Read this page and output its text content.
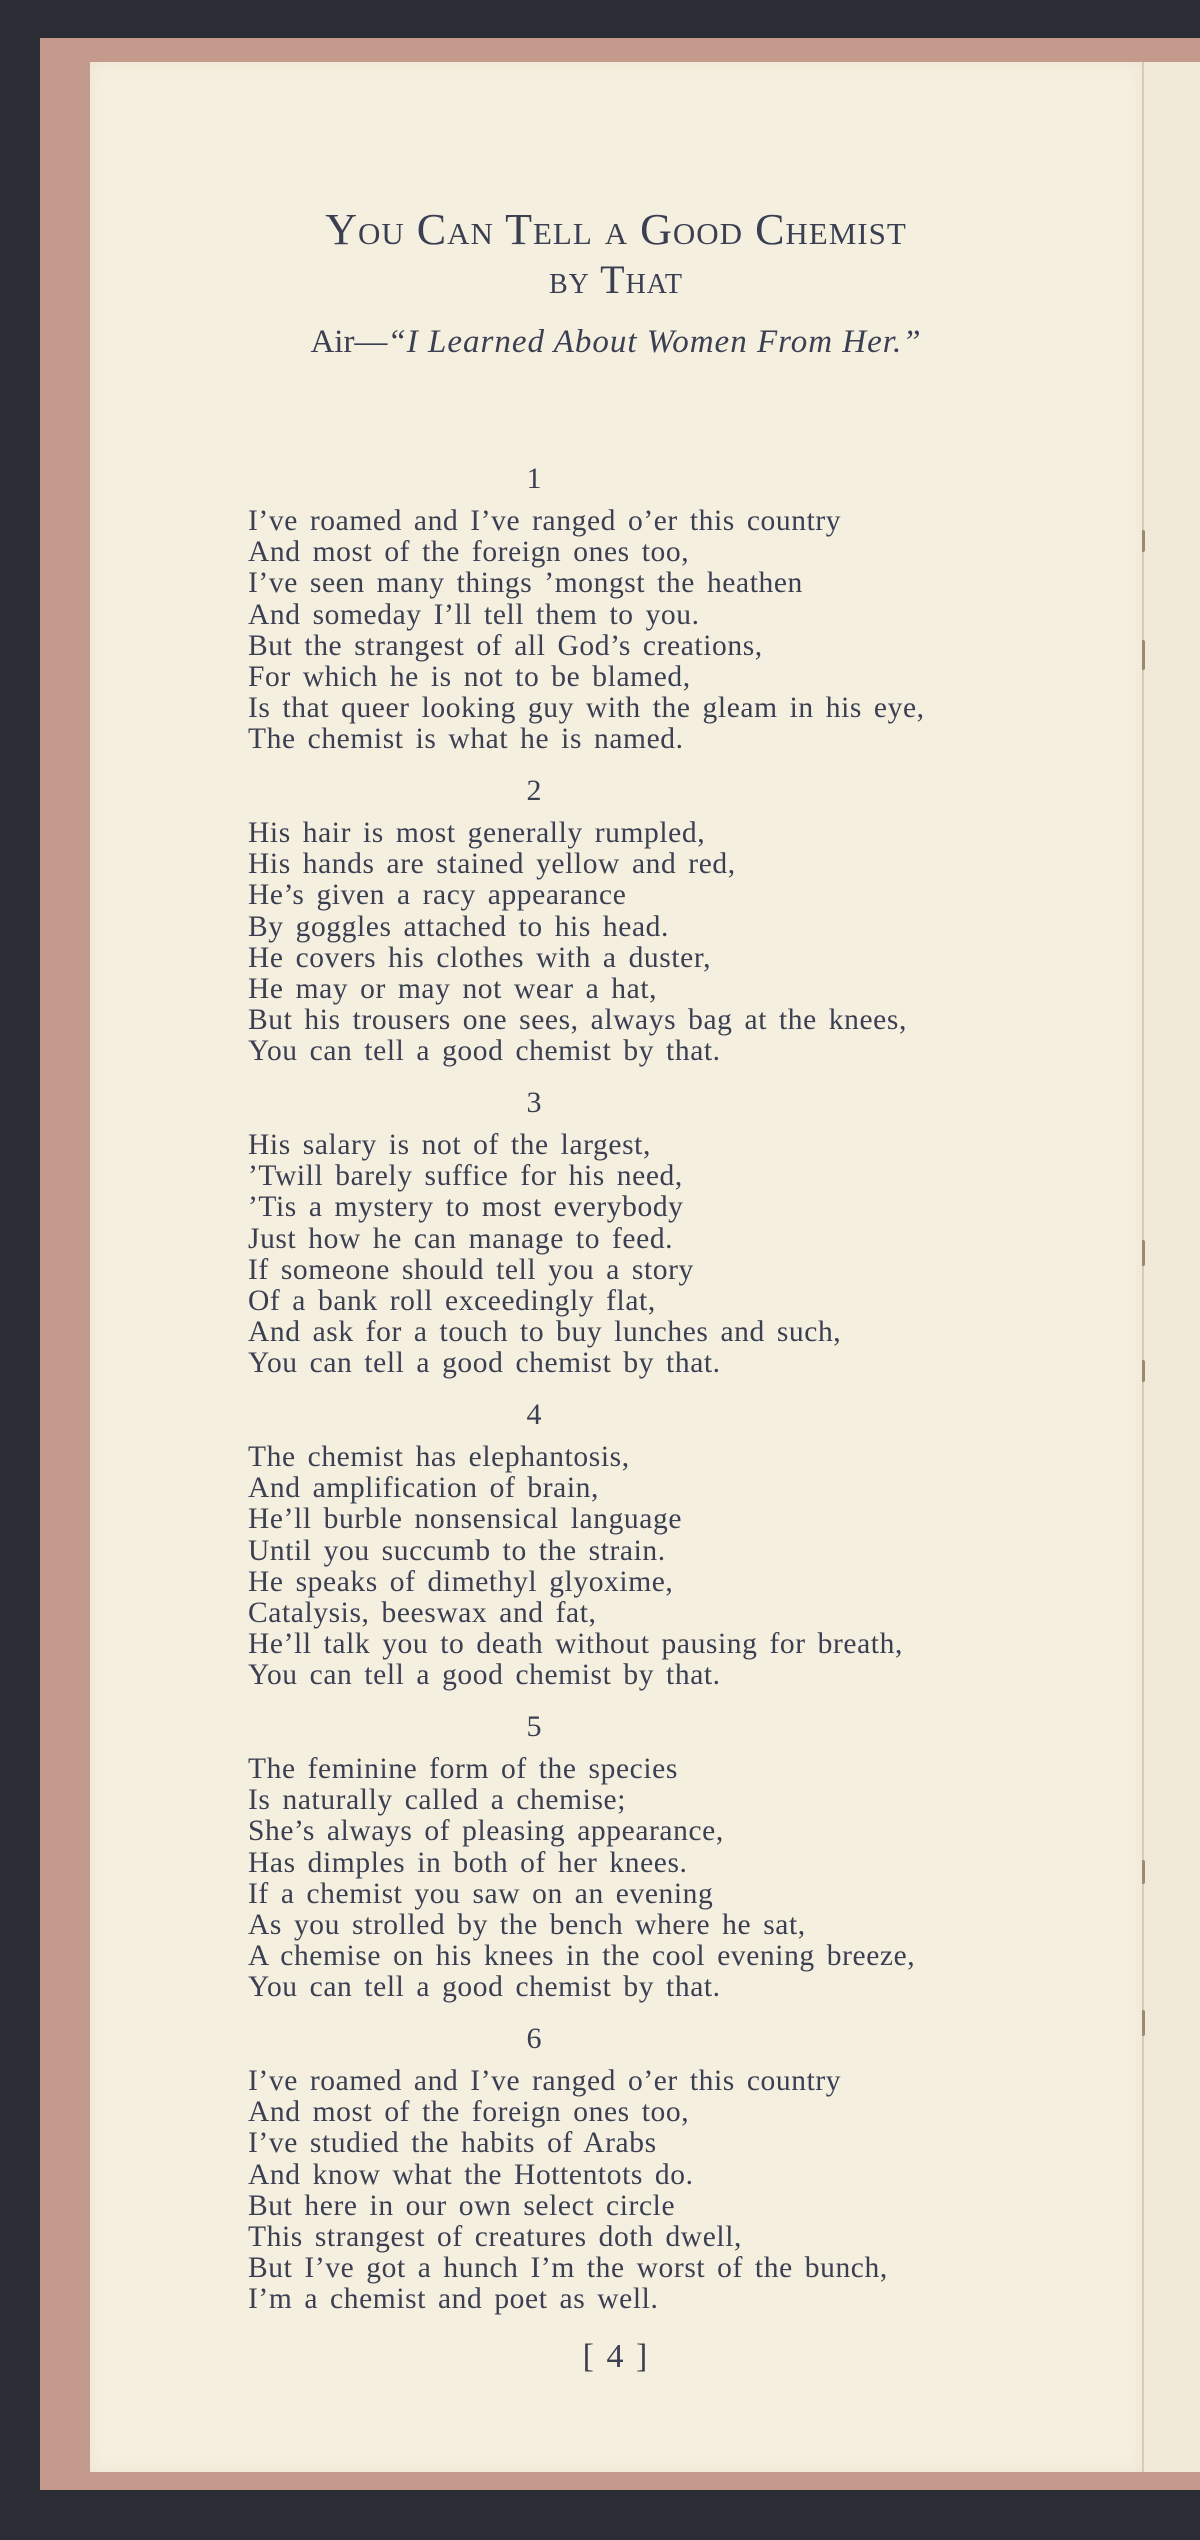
You Can Tell a Good Chemist
by That
Air—“I Learned About Women From Her.”
1
I’ve roamed and I’ve ranged o’er this country
And most of the foreign ones too,
I’ve seen many things ’mongst the heathen
And someday I’ll tell them to you.
But the strangest of all God’s creations,
For which he is not to be blamed,
Is that queer looking guy with the gleam in his eye,
The chemist is what he is named.
2
His hair is most generally rumpled,
His hands are stained yellow and red,
He’s given a racy appearance
By goggles attached to his head.
He covers his clothes with a duster,
He may or may not wear a hat,
But his trousers one sees, always bag at the knees,
You can tell a good chemist by that.
3
His salary is not of the largest,
’Twill barely suffice for his need,
’Tis a mystery to most everybody
Just how he can manage to feed.
If someone should tell you a story
Of a bank roll exceedingly flat,
And ask for a touch to buy lunches and such,
You can tell a good chemist by that.
4
The chemist has elephantosis,
And amplification of brain,
He’ll burble nonsensical language
Until you succumb to the strain.
He speaks of dimethyl glyoxime,
Catalysis, beeswax and fat,
He’ll talk you to death without pausing for breath,
You can tell a good chemist by that.
5
The feminine form of the species
Is naturally called a chemise;
She’s always of pleasing appearance,
Has dimples in both of her knees.
If a chemist you saw on an evening
As you strolled by the bench where he sat,
A chemise on his knees in the cool evening breeze,
You can tell a good chemist by that.
6
I’ve roamed and I’ve ranged o’er this country
And most of the foreign ones too,
I’ve studied the habits of Arabs
And know what the Hottentots do.
But here in our own select circle
This strangest of creatures doth dwell,
But I’ve got a hunch I’m the worst of the bunch,
I’m a chemist and poet as well.
[ 4 ]
